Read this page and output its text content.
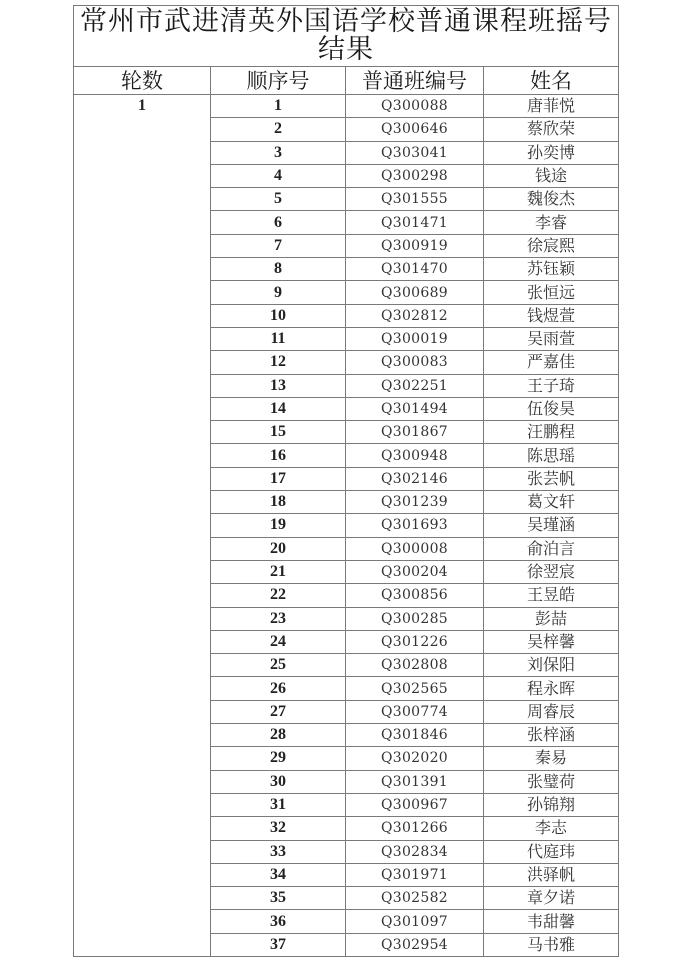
常州市武进清英外国语学校普通课程班摇号结果			
轮数	顺序号	普通班编号	姓名
1	1	Q300088	唐菲悦
	2	Q300646	蔡欣荣
	3	Q303041	孙奕博
	4	Q300298	钱途
	5	Q301555	魏俊杰
	6	Q301471	李睿
	7	Q300919	徐宸熙
	8	Q301470	苏钰颖
	9	Q300689	张恒远
	10	Q302812	钱煜萱
	11	Q300019	吴雨萱
	12	Q300083	严嘉佳
	13	Q302251	王子琦
	14	Q301494	伍俊昊
	15	Q301867	汪鹏程
	16	Q300948	陈思瑶
	17	Q302146	张芸帆
	18	Q301239	葛文轩
	19	Q301693	吴瑾涵
	20	Q300008	俞泊言
	21	Q300204	徐翌宸
	22	Q300856	王昱皓
	23	Q300285	彭喆
	24	Q301226	吴梓馨
	25	Q302808	刘保阳
	26	Q302565	程永晖
	27	Q300774	周睿辰
	28	Q301846	张梓涵
	29	Q302020	秦易
	30	Q301391	张璧荷
	31	Q300967	孙锦翔
	32	Q301266	李志
	33	Q302834	代庭玮
	34	Q301971	洪驿帆
	35	Q302582	章夕诺
	36	Q301097	韦甜馨
	37	Q302954	马书雅
